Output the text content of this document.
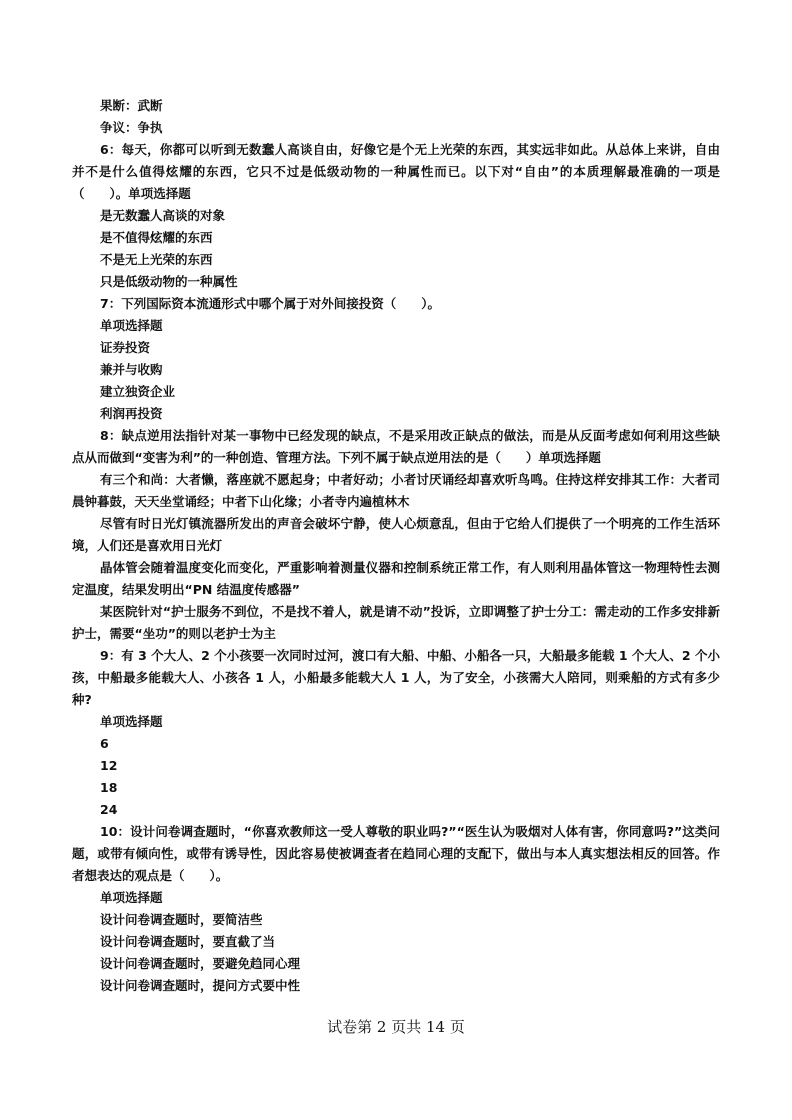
果断：武断

争议：争执

6：每天，你都可以听到无数蠢人高谈自由，好像它是个无上光荣的东西，其实远非如此。从总体上来讲，自由并不是什么值得炫耀的东西，它只不过是低级动物的一种属性而已。以下对“自由”的本质理解最准确的一项是（　　）。单项选择题

是无数蠢人高谈的对象

是不值得炫耀的东西

不是无上光荣的东西

只是低级动物的一种属性

7：下列国际资本流通形式中哪个属于对外间接投资（　　）。

单项选择题

证券投资

兼并与收购

建立独资企业

利润再投资

8：缺点逆用法指针对某一事物中已经发现的缺点，不是采用改正缺点的做法，而是从反面考虑如何利用这些缺点从而做到“变害为利”的一种创造、管理方法。下列不属于缺点逆用法的是（　　）单项选择题

有三个和尚：大者懒，落座就不愿起身；中者好动；小者讨厌诵经却喜欢听鸟鸣。住持这样安排其工作：大者司晨钟暮鼓，天天坐堂诵经；中者下山化缘；小者寺内遍植林木

尽管有时日光灯镇流器所发出的声音会破坏宁静，使人心烦意乱，但由于它给人们提供了一个明亮的工作生活环境，人们还是喜欢用日光灯

晶体管会随着温度变化而变化，严重影响着测量仪器和控制系统正常工作，有人则利用晶体管这一物理特性去测定温度，结果发明出“PN 结温度传感器”

某医院针对“护士服务不到位，不是找不着人，就是请不动”投诉，立即调整了护士分工：需走动的工作多安排新护士，需要“坐功”的则以老护士为主

9：有 3 个大人、2 个小孩要一次同时过河，渡口有大船、中船、小船各一只，大船最多能载 1 个大人、2 个小孩，中船最多能载大人、小孩各 1 人，小船最多能载大人 1 人，为了安全，小孩需大人陪同，则乘船的方式有多少种?

单项选择题

6

12

18

24

10：设计问卷调查题时，“你喜欢教师这一受人尊敬的职业吗?”“医生认为吸烟对人体有害，你同意吗?”这类问题，或带有倾向性，或带有诱导性，因此容易使被调查者在趋同心理的支配下，做出与本人真实想法相反的回答。作者想表达的观点是（　　）。

单项选择题

设计问卷调查题时，要简洁些

设计问卷调查题时，要直截了当

设计问卷调查题时，要避免趋同心理

设计问卷调查题时，提问方式要中性

试卷第 2 页共 14 页
